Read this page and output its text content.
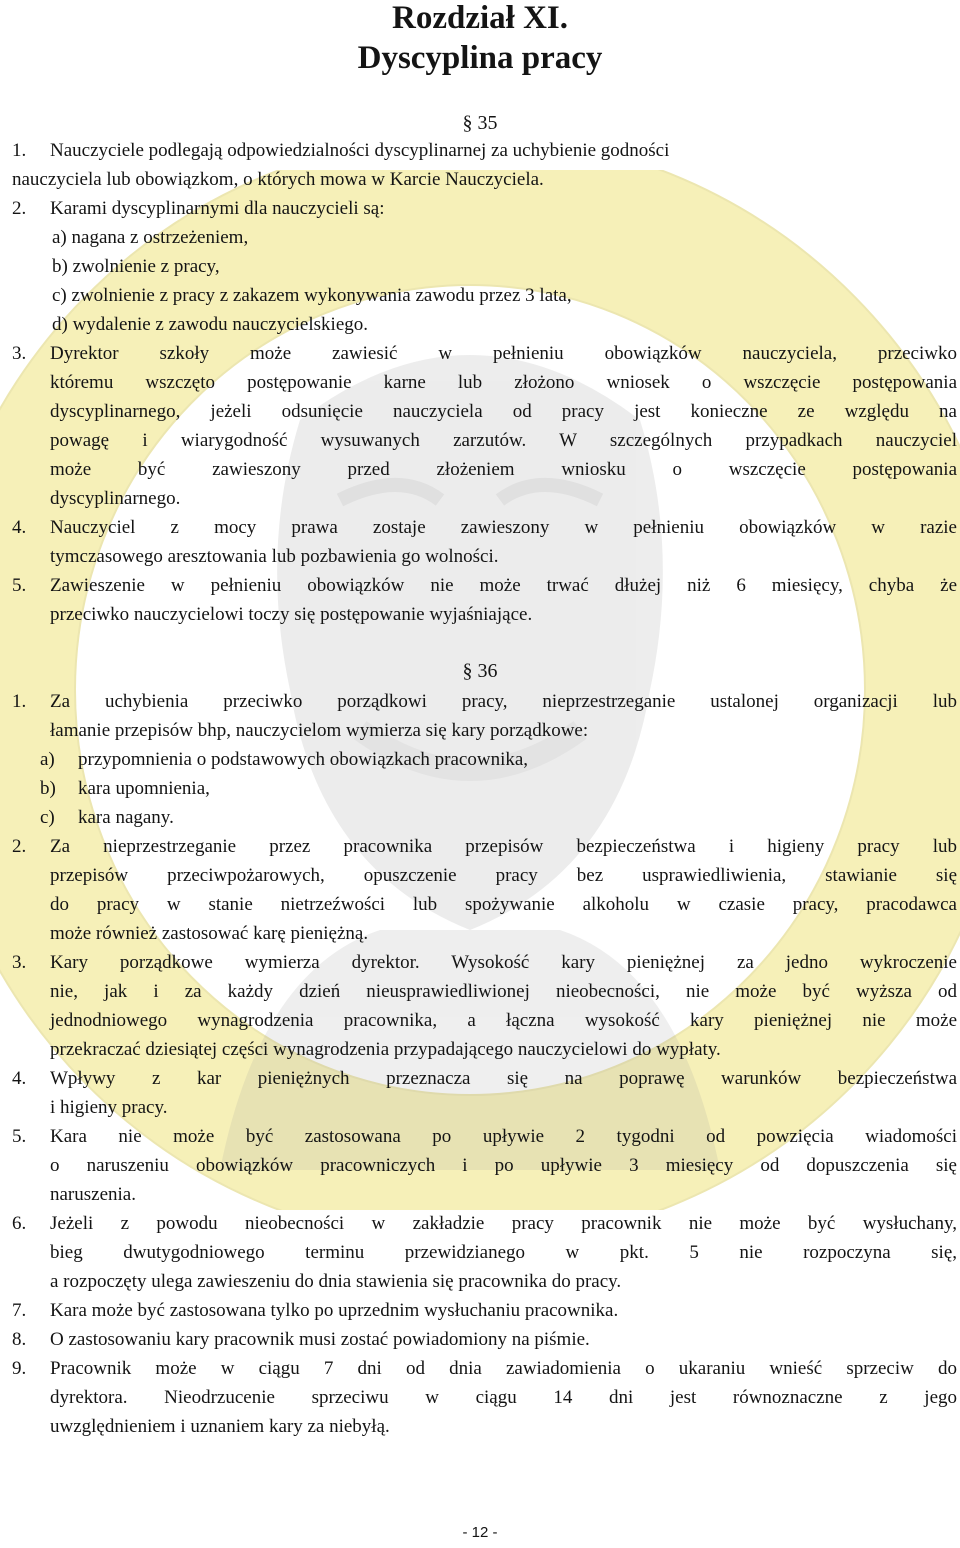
Rozdział XI.
Dyscyplina pracy
§ 35
1. Nauczyciele podlegają odpowiedzialności dyscyplinarnej za uchybienie godności
nauczyciela lub obowiązkom, o których mowa w Karcie Nauczyciela.
2. Karami dyscyplinarnymi dla nauczycieli są:
a) nagana z ostrzeżeniem,
b) zwolnienie z pracy,
c) zwolnienie z pracy z zakazem wykonywania zawodu przez 3 lata,
d) wydalenie z zawodu nauczycielskiego.
3. Dyrektor szkoły może zawiesić w pełnieniu obowiązków nauczyciela, przeciwko
któremu wszczęto postępowanie karne lub złożono wniosek o wszczęcie postępowania
dyscyplinarnego, jeżeli odsunięcie nauczyciela od pracy jest konieczne ze względu na
powagę i wiarygodność wysuwanych zarzutów. W szczególnych przypadkach nauczyciel
może być zawieszony przed złożeniem wniosku o wszczęcie postępowania
dyscyplinarnego.
4. Nauczyciel z mocy prawa zostaje zawieszony w pełnieniu obowiązków w razie
tymczasowego aresztowania lub pozbawienia go wolności.
5. Zawieszenie w pełnieniu obowiązków nie może trwać dłużej niż 6 miesięcy, chyba że
przeciwko nauczycielowi toczy się postępowanie wyjaśniające.
§ 36
1. Za uchybienia przeciwko porządkowi pracy, nieprzestrzeganie ustalonej organizacji lub
łamanie przepisów bhp, nauczycielom wymierza się kary porządkowe:
a) przypomnienia o podstawowych obowiązkach pracownika,
b) kara upomnienia,
c) kara nagany.
2. Za nieprzestrzeganie przez pracownika przepisów bezpieczeństwa i higieny pracy lub
przepisów przeciwpożarowych, opuszczenie pracy bez usprawiedliwienia, stawianie się
do pracy w stanie nietrzeźwości lub spożywanie alkoholu w czasie pracy, pracodawca
może również zastosować karę pieniężną.
3. Kary porządkowe wymierza dyrektor. Wysokość kary pieniężnej za jedno wykroczenie
nie, jak i za każdy dzień nieusprawiedliwionej nieobecności, nie może być wyższa od
jednodniowego wynagrodzenia pracownika, a łączna wysokość kary pieniężnej nie może
przekraczać dziesiątej części wynagrodzenia przypadającego nauczycielowi do wypłaty.
4. Wpływy z kar pieniężnych przeznacza się na poprawę warunków bezpieczeństwa
i higieny pracy.
5. Kara nie może być zastosowana po upływie 2 tygodni od powzięcia wiadomości
o naruszeniu obowiązków pracowniczych i po upływie 3 miesięcy od dopuszczenia się
naruszenia.
6. Jeżeli z powodu nieobecności w zakładzie pracy pracownik nie może być wysłuchany,
bieg dwutygodniowego terminu przewidzianego w pkt. 5 nie rozpoczyna się,
a rozpoczęty ulega zawieszeniu do dnia stawienia się pracownika do pracy.
7. Kara może być zastosowana tylko po uprzednim wysłuchaniu pracownika.
8. O zastosowaniu kary pracownik musi zostać powiadomiony na piśmie.
9. Pracownik może w ciągu 7 dni od dnia zawiadomienia o ukaraniu wnieść sprzeciw do
dyrektora. Nieodrzucenie sprzeciwu w ciągu 14 dni jest równoznaczne z jego
uwzględnieniem i uznaniem kary za niebyłą.
- 12 -
